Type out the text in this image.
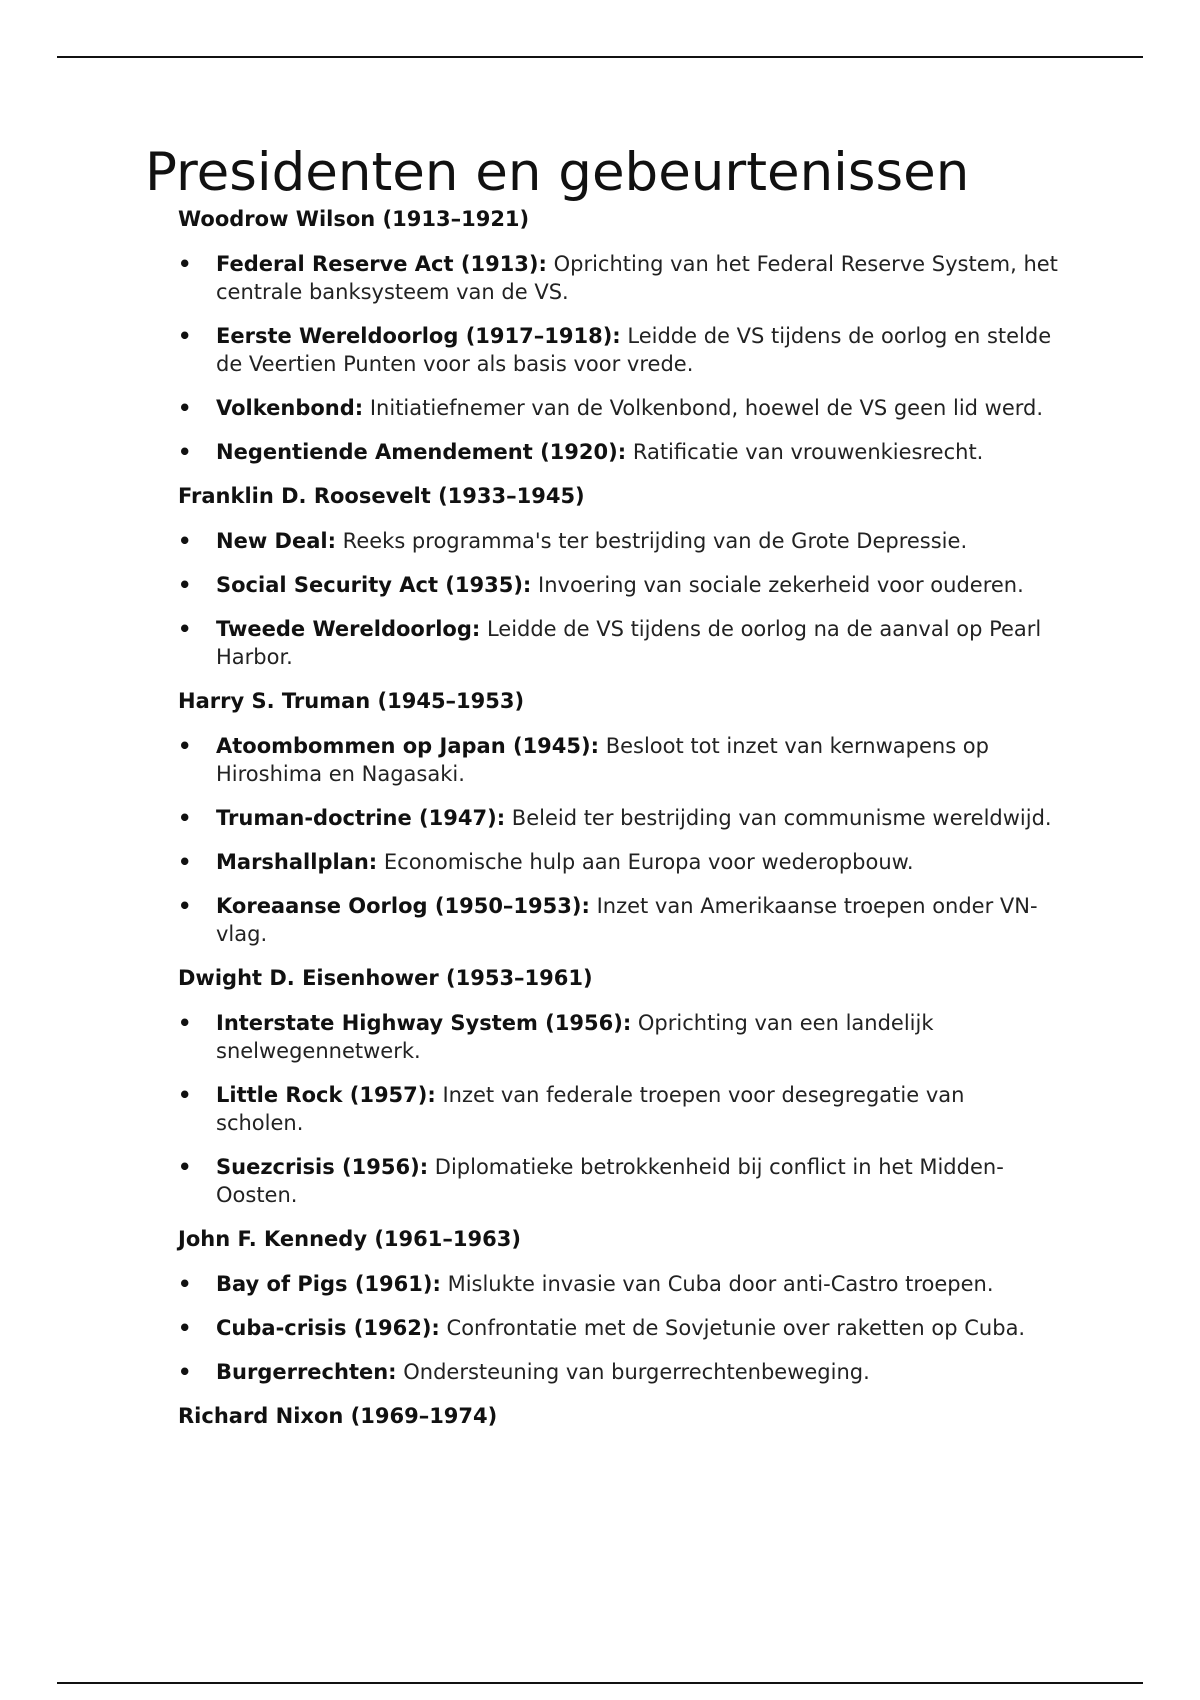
Presidenten en gebeurtenissen
Woodrow Wilson (1913–1921)
•	Federal Reserve Act (1913): Oprichting van het Federal Reserve System, het centrale banksysteem van de VS.
•	Eerste Wereldoorlog (1917–1918): Leidde de VS tijdens de oorlog en stelde de Veertien Punten voor als basis voor vrede.
•	Volkenbond: Initiatiefnemer van de Volkenbond, hoewel de VS geen lid werd.
•	Negentiende Amendement (1920): Ratificatie van vrouwenkiesrecht.
Franklin D. Roosevelt (1933–1945)
•	New Deal: Reeks programma's ter bestrijding van de Grote Depressie.
•	Social Security Act (1935): Invoering van sociale zekerheid voor ouderen.
•	Tweede Wereldoorlog: Leidde de VS tijdens de oorlog na de aanval op Pearl Harbor.
Harry S. Truman (1945–1953)
•	Atoombommen op Japan (1945): Besloot tot inzet van kernwapens op Hiroshima en Nagasaki.
•	Truman-doctrine (1947): Beleid ter bestrijding van communisme wereldwijd.
•	Marshallplan: Economische hulp aan Europa voor wederopbouw.
•	Koreaanse Oorlog (1950–1953): Inzet van Amerikaanse troepen onder VN-vlag.
Dwight D. Eisenhower (1953–1961)
•	Interstate Highway System (1956): Oprichting van een landelijk snelwegennetwerk.
•	Little Rock (1957): Inzet van federale troepen voor desegregatie van scholen.
•	Suezcrisis (1956): Diplomatieke betrokkenheid bij conflict in het Midden-Oosten.
John F. Kennedy (1961–1963)
•	Bay of Pigs (1961): Mislukte invasie van Cuba door anti-Castro troepen.
•	Cuba-crisis (1962): Confrontatie met de Sovjetunie over raketten op Cuba.
•	Burgerrechten: Ondersteuning van burgerrechtenbeweging.
Richard Nixon (1969–1974)
